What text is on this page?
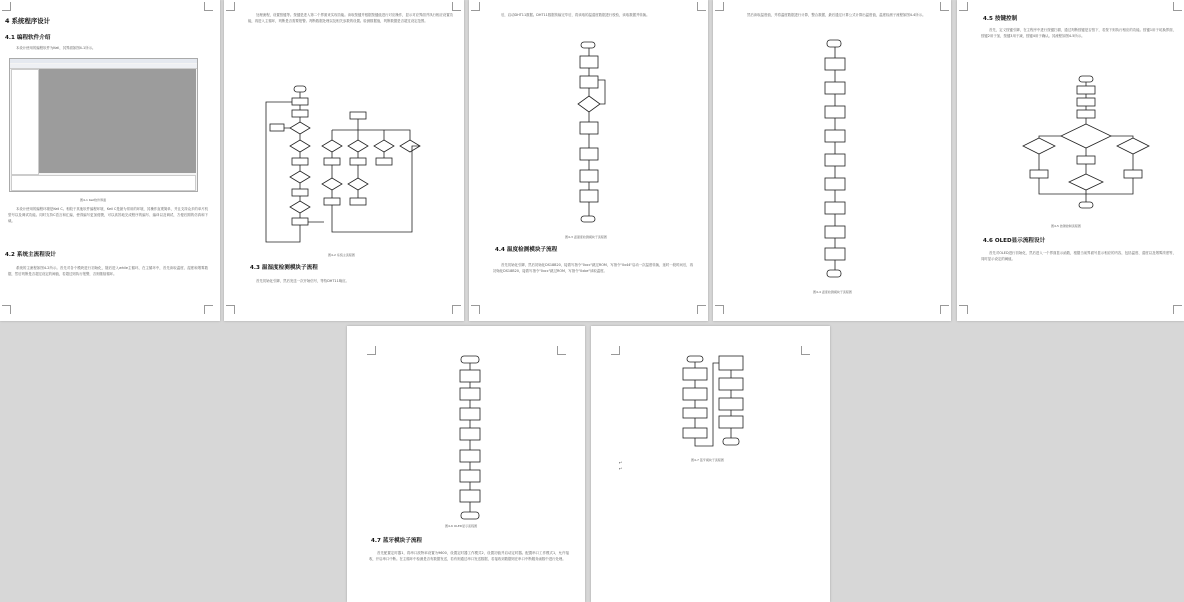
4 系统程序设计
4.1 编程软件介绍
本设计使用的编程软件为Keil，其界面如图4-1所示。
图4-1 Keil软件界面
本设计使用的编程环境是Keil C。相较于其他软件编程环境，Keil C是最为常用的环境，其操作直观简单，并且支持众多的单片机型号以及调试功能。同时支持C语言和汇编，使得编写更加便捷，可以高效地完成程序的编写、编译以及调试，方便后期的仿真和下载。
4.2 系统主流程设计
系统的主流程如图4-2所示。首先对各个模块进行初始化，随后进入while主循环，在主循环中，首先读取温度、湿度和烟雾数据，然后判断是否超过设定的阈值，若超过则执行报警，否则继续循环。
处理流程，设置按键等。按键是进入第二个界面来实现功能。读取按键并根据按键值进行对应操作，显示对应界面并执行相应设置功能，再进入主循环，判断是否需要报警。判断数据处理以及相关参数的设置。检测数据值，判断数据是否超过设定范围。
图4-2 系统主流程图
4.3 温湿度检测模块子流程
首先初始化引脚，然后发送一次开始信号，等待DHT11响应。
后，启动DHT11数据。DHT11数据传输完毕后，将读取的温湿度数据进行校验，读取数据并转换。
图4-3 温湿度检测模块子流程图
4.4 温度检测模块子流程
首先初始化引脚，然后初始化DS18B20，接着写指令"0xcc"跳过ROM，写指令"0x44"启动一次温度转换，延时一段时间后，再初始化DS18B20，接着写指令"0xcc"跳过ROM，写指令"0xbe"读取温度。
然后读取温度值，并将温度数据进行计算，整合数据，最后通过计算公式计算出温度值，温度检测子流程如图4-4所示。
图4-4 温度检测模块子流程图
4.5 按键控制
首先，定义按键引脚，在主程序中进行按键扫描，通过判断按键是否按下，若按下则执行相应的功能。按键1用于切换界面，按键2用于加，按键3用于减，按键4用于确认。其流程如图4-5所示。
图4-5 按键控制流程图
4.6 OLED显示流程设计
首先对OLED进行初始化，然后进入一个界面显示函数，根据当前界面号显示相应的内容，包括温度、湿度以及烟雾浓度等，同时显示设定的阈值。
图4-6 OLED显示流程图
4.7 蓝牙模块子流程
首先配置定时器1，将串口波特率设置为9600，设置定时器工作模式2，设置初值并启动定时器。配置串口工作模式1，允许接收，开启串口中断。在主循环中检测是否有数据发送，若有则通过串口发送数据，若接收到数据则在串口中断服务函数中进行处理。
图4-7 蓝牙模块子流程图
↵
↵
